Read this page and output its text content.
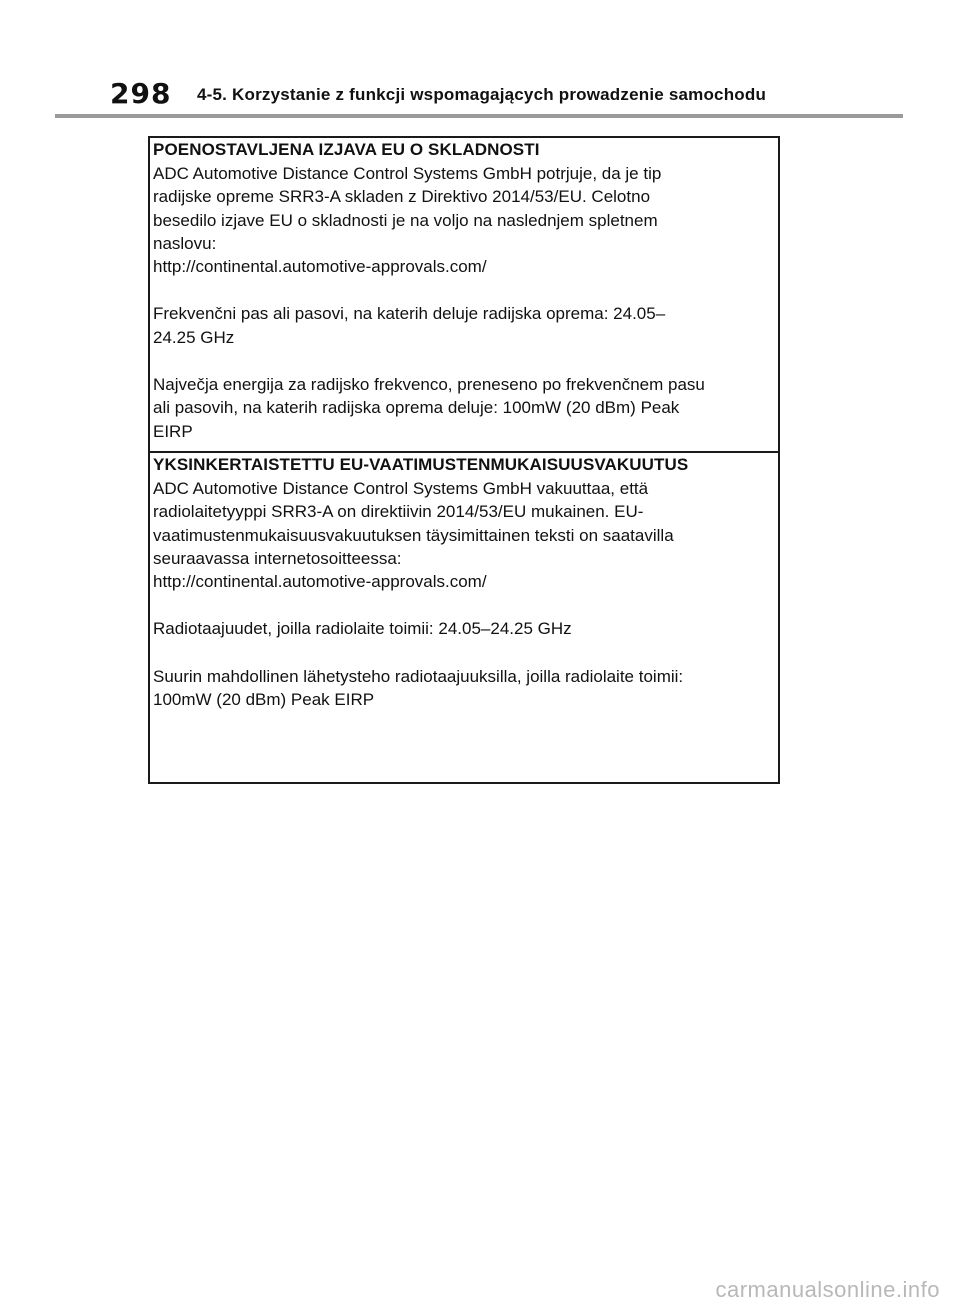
298 4-5. Korzystanie z funkcji wspomagających prowadzenie samochodu
POENOSTAVLJENA IZJAVA EU O SKLADNOSTI
ADC Automotive Distance Control Systems GmbH potrjuje, da je tip
radijske opreme SRR3-A skladen z Direktivo 2014/53/EU. Celotno
besedilo izjave EU o skladnosti je na voljo na naslednjem spletnem
naslovu:
http://continental.automotive-approvals.com/
Frekvenčni pas ali pasovi, na katerih deluje radijska oprema: 24.05–
24.25 GHz
Največja energija za radijsko frekvenco, preneseno po frekvenčnem pasu
ali pasovih, na katerih radijska oprema deluje: 100mW (20 dBm) Peak
EIRP
YKSINKERTAISTETTU EU-VAATIMUSTENMUKAISUUSVAKUUTUS
ADC Automotive Distance Control Systems GmbH vakuuttaa, että
radiolaitetyyppi SRR3-A on direktiivin 2014/53/EU mukainen. EU-
vaatimustenmukaisuusvakuutuksen täysimittainen teksti on saatavilla
seuraavassa internetosoitteessa:
http://continental.automotive-approvals.com/
Radiotaajuudet, joilla radiolaite toimii: 24.05–24.25 GHz
Suurin mahdollinen lähetysteho radiotaajuuksilla, joilla radiolaite toimii:
100mW (20 dBm) Peak EIRP
carmanualsonline.info
